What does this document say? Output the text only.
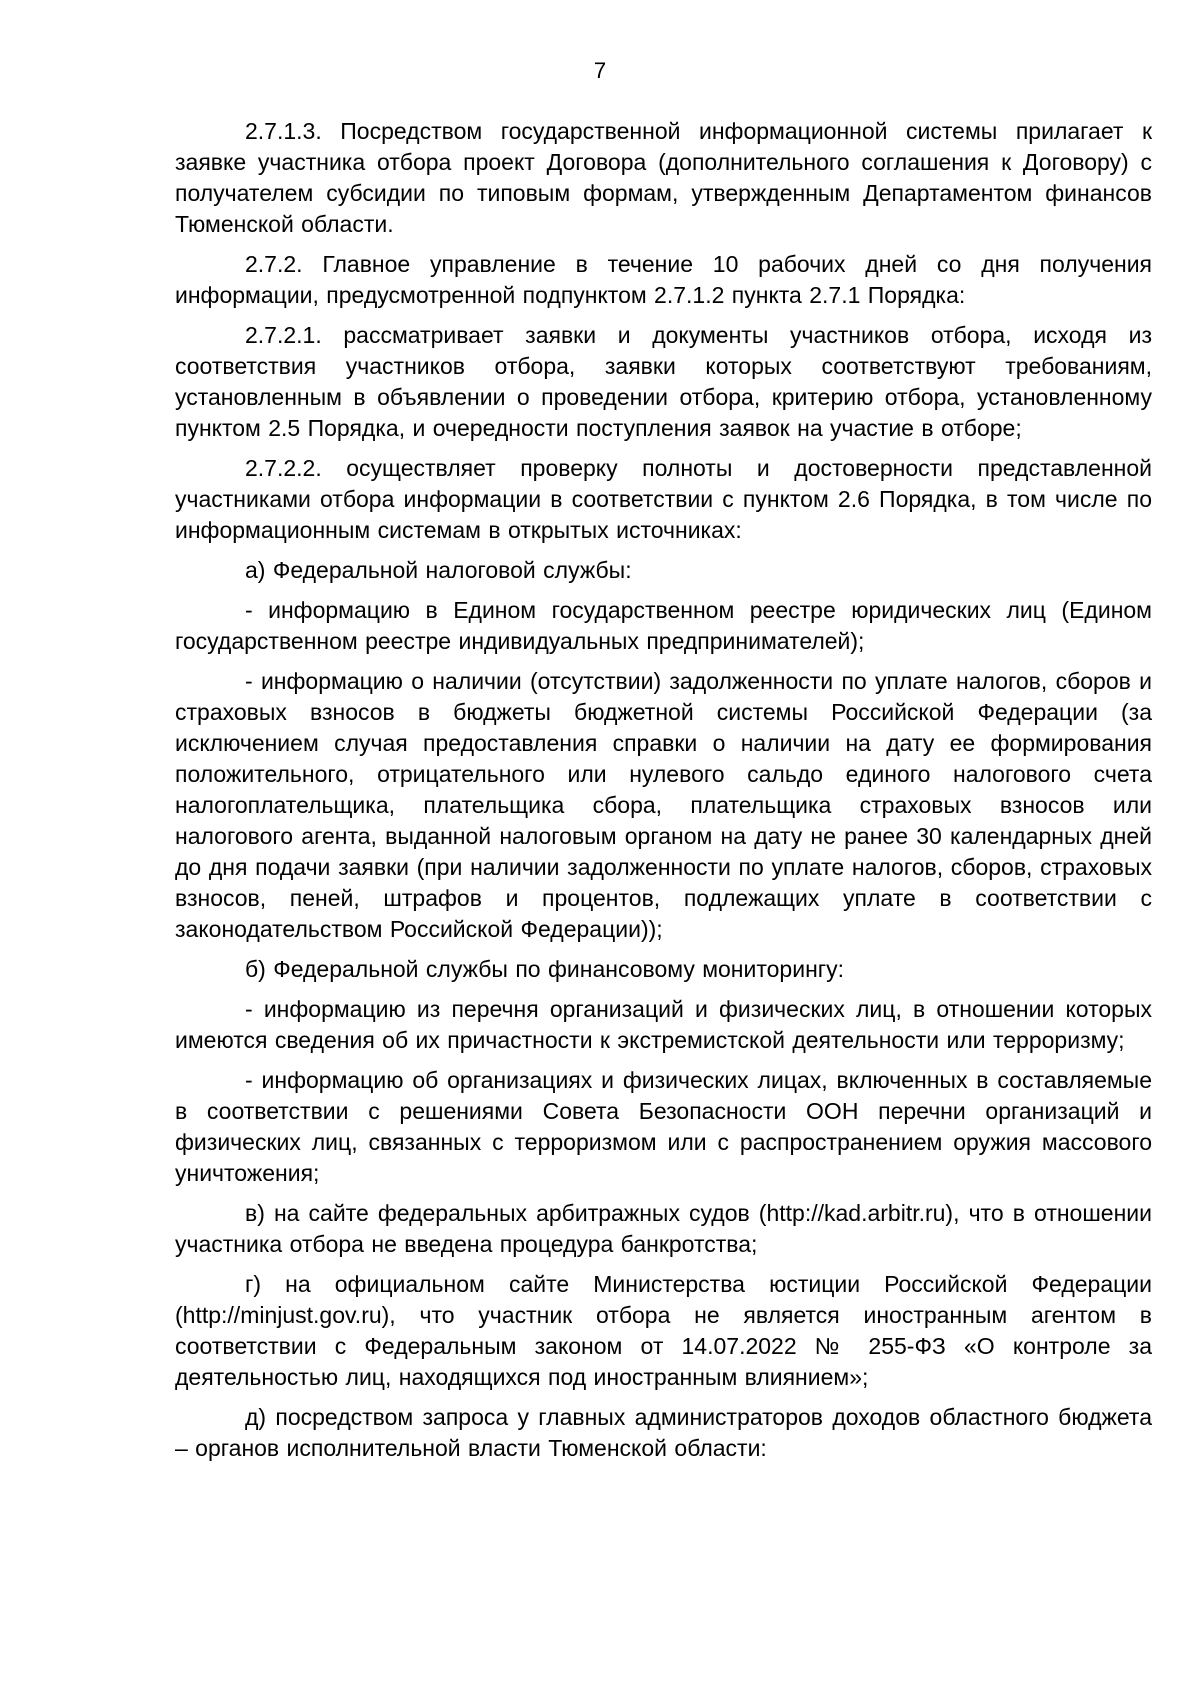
7

2.7.1.3. Посредством государственной информационной системы прилагает к заявке участника отбора проект Договора (дополнительного соглашения к Договору) с получателем субсидии по типовым формам, утвержденным Департаментом финансов Тюменской области.

2.7.2. Главное управление в течение 10 рабочих дней со дня получения информации, предусмотренной подпунктом 2.7.1.2 пункта 2.7.1 Порядка:

2.7.2.1. рассматривает заявки и документы участников отбора, исходя из соответствия участников отбора, заявки которых соответствуют требованиям, установленным в объявлении о проведении отбора, критерию отбора, установленному пунктом 2.5 Порядка, и очередности поступления заявок на участие в отборе;

2.7.2.2. осуществляет проверку полноты и достоверности представленной участниками отбора информации в соответствии с пунктом 2.6 Порядка, в том числе по информационным системам в открытых источниках:

а) Федеральной налоговой службы:

- информацию в Едином государственном реестре юридических лиц (Едином государственном реестре индивидуальных предпринимателей);

- информацию о наличии (отсутствии) задолженности по уплате налогов, сборов и страховых взносов в бюджеты бюджетной системы Российской Федерации (за исключением случая предоставления справки о наличии на дату ее формирования положительного, отрицательного или нулевого сальдо единого налогового счета налогоплательщика, плательщика сбора, плательщика страховых взносов или налогового агента, выданной налоговым органом на дату не ранее 30 календарных дней до дня подачи заявки (при наличии задолженности по уплате налогов, сборов, страховых взносов, пеней, штрафов и процентов, подлежащих уплате в соответствии с законодательством Российской Федерации));

б) Федеральной службы по финансовому мониторингу:

- информацию из перечня организаций и физических лиц, в отношении которых имеются сведения об их причастности к экстремистской деятельности или терроризму;

- информацию об организациях и физических лицах, включенных в составляемые в соответствии с решениями Совета Безопасности ООН перечни организаций и физических лиц, связанных с терроризмом или с распространением оружия массового уничтожения;

в) на сайте федеральных арбитражных судов (http://kad.arbitr.ru), что в отношении участника отбора не введена процедура банкротства;

г) на официальном сайте Министерства юстиции Российской Федерации (http://minjust.gov.ru), что участник отбора не является иностранным агентом в соответствии с Федеральным законом от 14.07.2022 № 255-ФЗ «О контроле за деятельностью лиц, находящихся под иностранным влиянием»;

д) посредством запроса у главных администраторов доходов областного бюджета – органов исполнительной власти Тюменской области:
